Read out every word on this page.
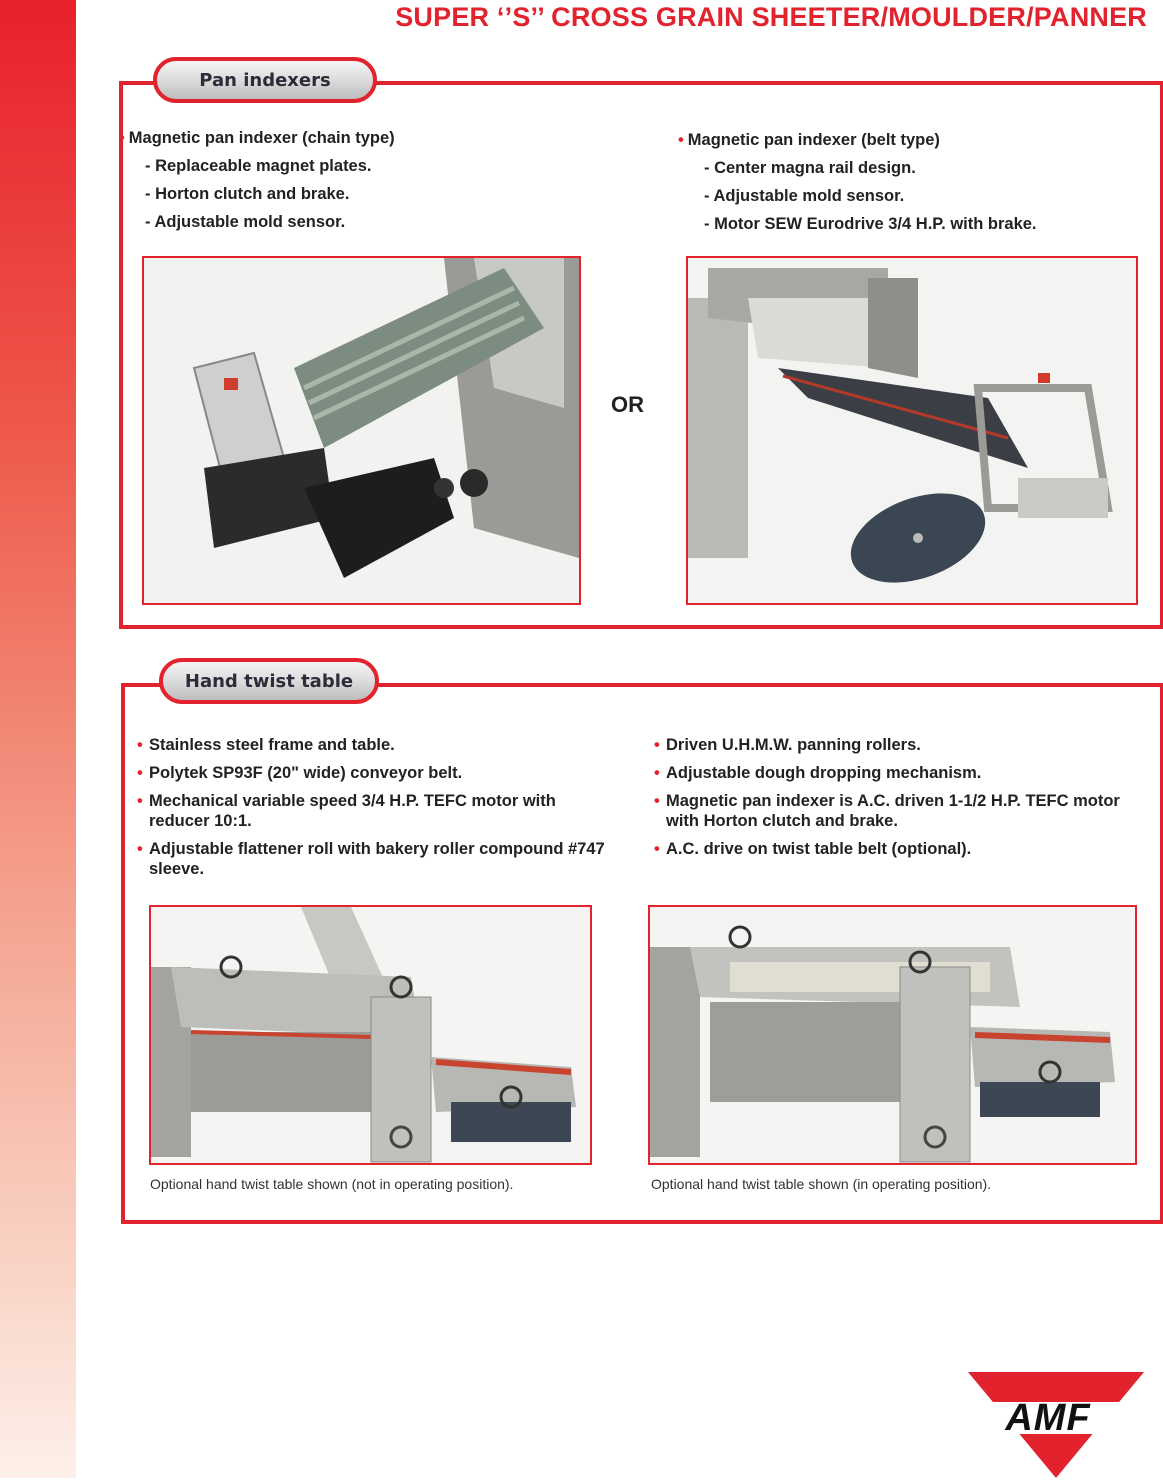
SUPER ‘’S’’ CROSS GRAIN SHEETER/MOULDER/PANNER
Pan indexers
• Magnetic pan indexer (chain type)
- Replaceable magnet plates.
- Horton clutch and brake.
- Adjustable mold sensor.
• Magnetic pan indexer (belt type)
- Center magna rail design.
- Adjustable mold sensor.
- Motor SEW Eurodrive 3/4 H.P. with brake.
OR
Hand twist table
• Stainless steel frame and table.
• Polytek SP93F (20" wide) conveyor belt.
• Mechanical variable speed 3/4 H.P. TEFC motor with reducer 10:1.
• Adjustable flattener roll with bakery roller compound #747 sleeve.
• Driven U.H.M.W. panning rollers.
• Adjustable dough dropping mechanism.
• Magnetic pan indexer is A.C. driven 1-1/2 H.P. TEFC motor with Horton clutch and brake.
• A.C. drive on twist table belt (optional).
Optional hand twist table shown (not in operating position).	Optional hand twist table shown (in operating position).
AMF
